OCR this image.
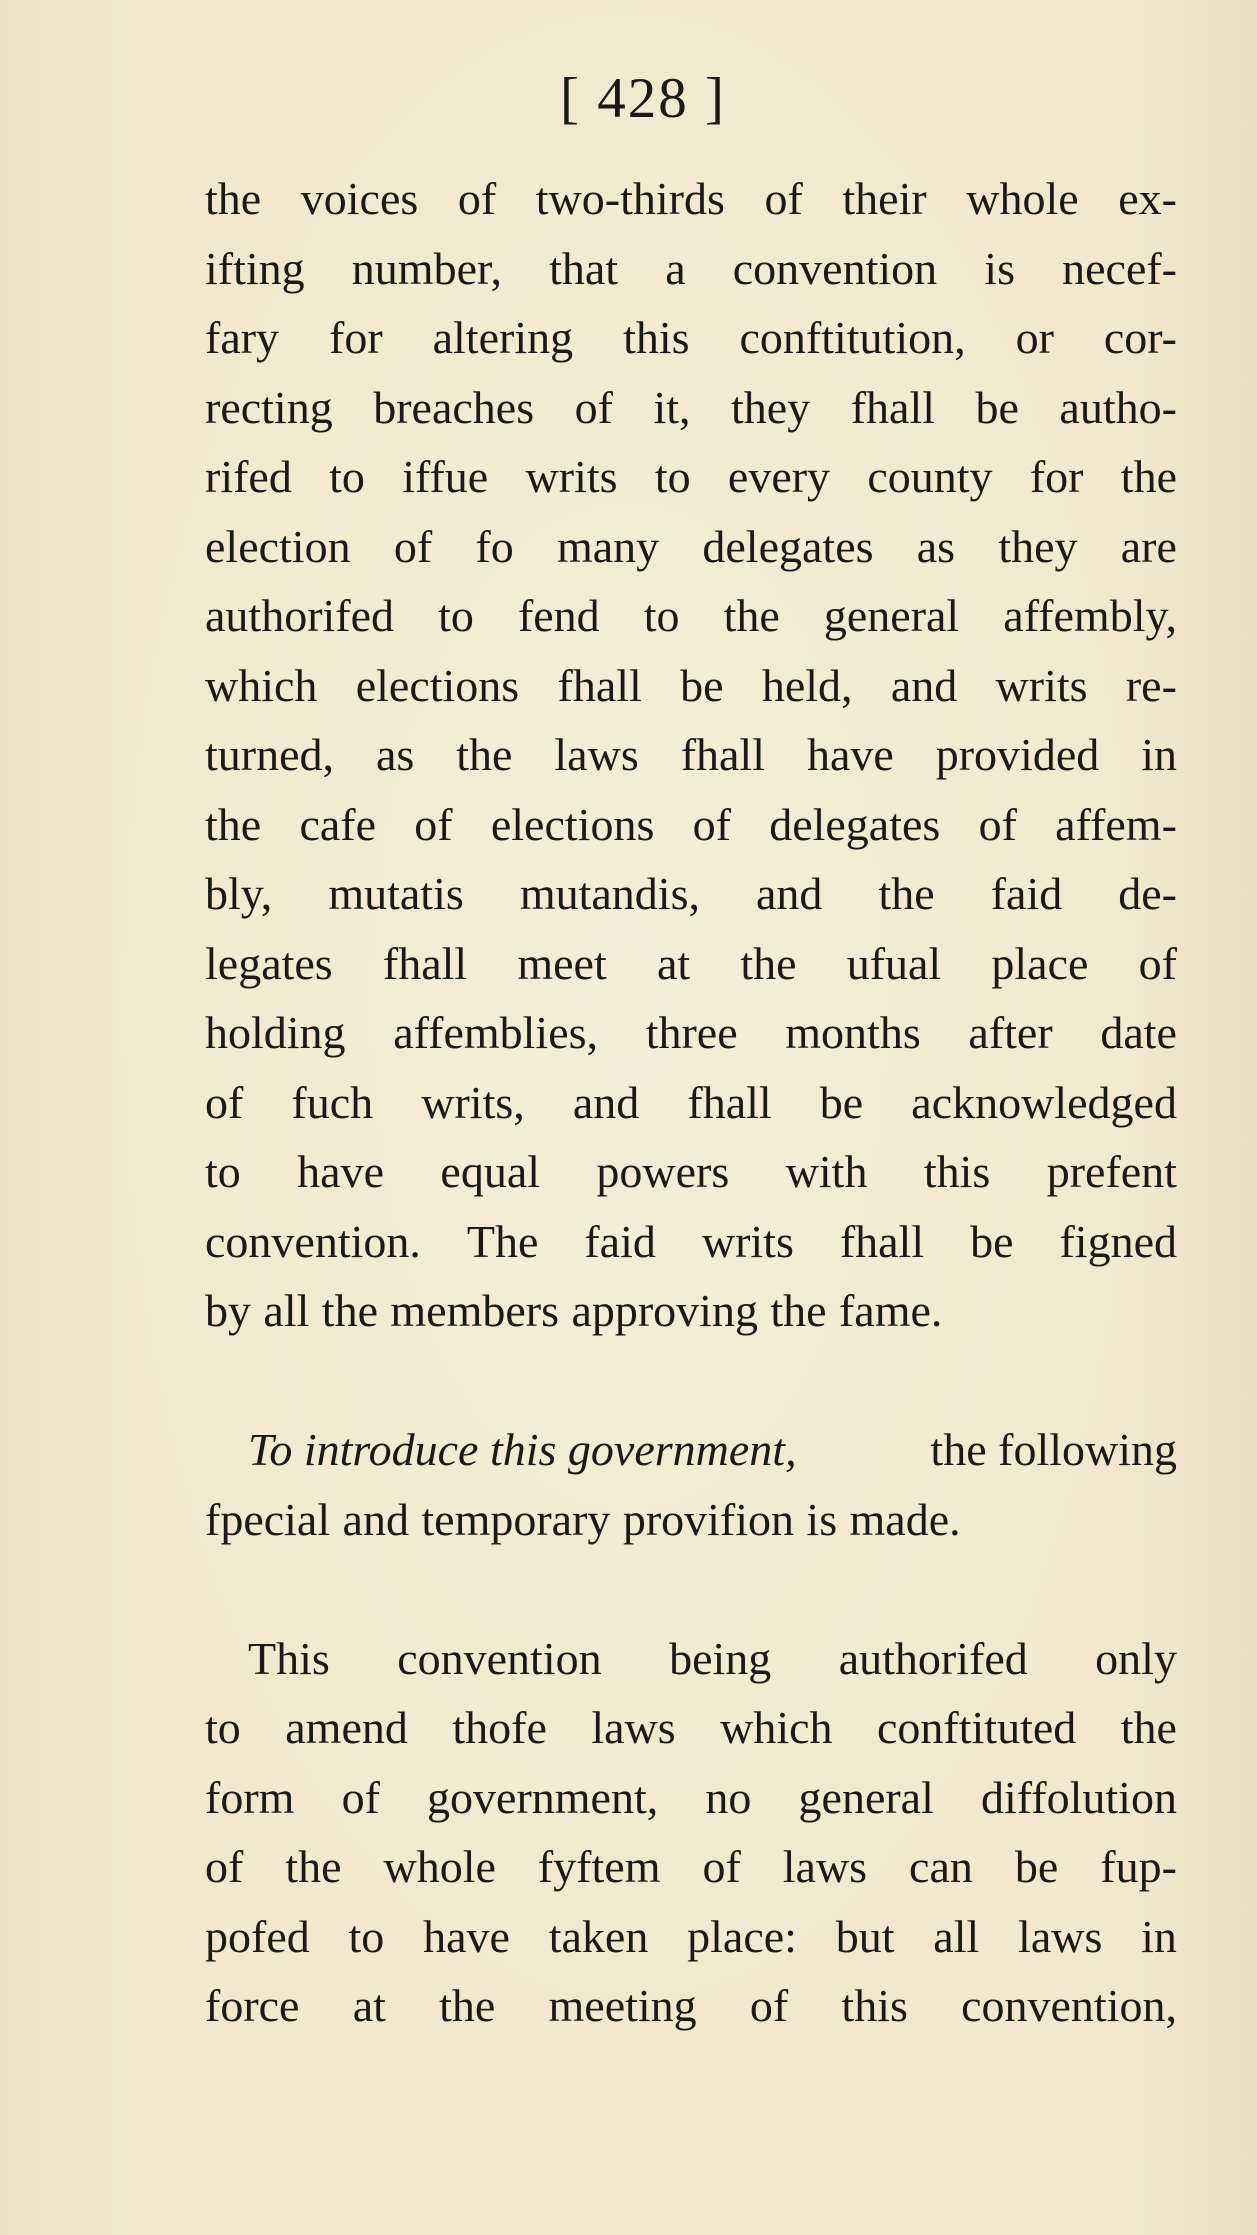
[ 428 ]
the voices of two-thirds of their whole ex-
ifting number, that a convention is necef-
fary for altering this conftitution, or cor-
recting breaches of it, they fhall be autho-
rifed to iffue writs to every county for the
election of fo many delegates as they are
authorifed to fend to the general affembly,
which elections fhall be held, and writs re-
turned, as the laws fhall have provided in
the cafe of elections of delegates of affem-
bly, mutatis mutandis, and the faid de-
legates fhall meet at the ufual place of
holding affemblies, three months after date
of fuch writs, and fhall be acknowledged
to have equal powers with this prefent
convention. The faid writs fhall be figned
by all the members approving the fame.
To introduce this government,	the following
fpecial and temporary provifion is made.
This convention being authorifed only
to amend thofe laws which conftituted the
form of government, no general diffolution
of the whole fyftem of laws can be fup-
pofed to have taken place: but all laws in
force at the meeting of this convention,
